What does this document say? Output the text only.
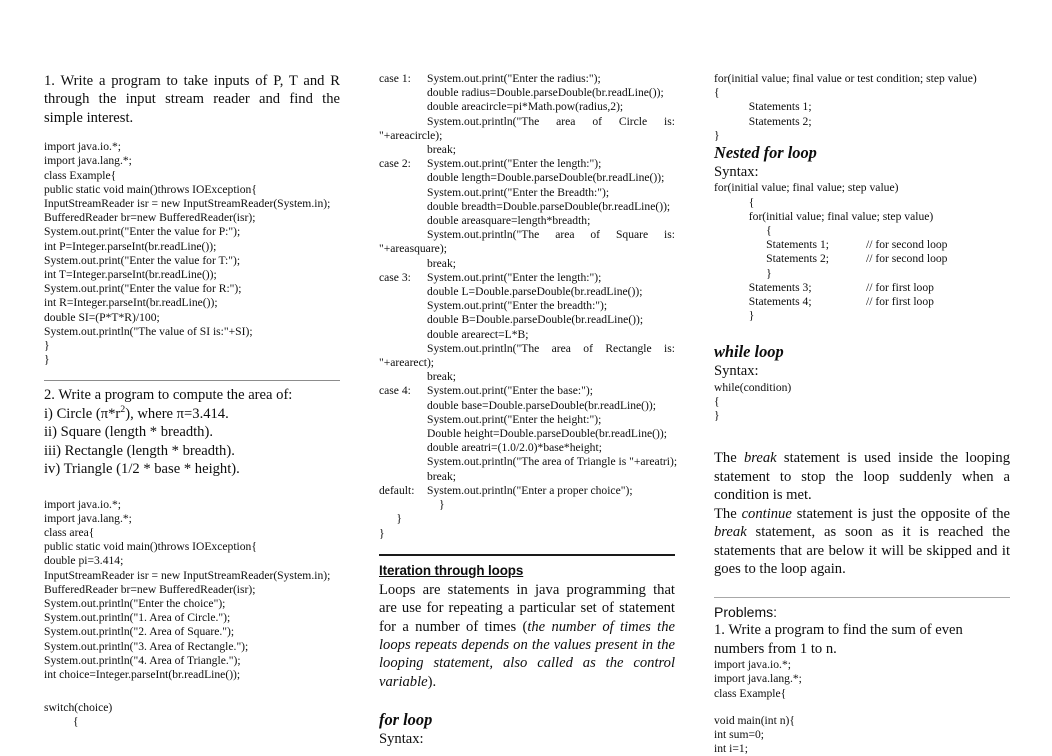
1. Write a program to take inputs of P, T and R through the input stream reader and find the simple interest.

import java.io.*;
import java.lang.*;
class Example{
public static void main()throws IOException{
InputStreamReader isr = new InputStreamReader(System.in);
BufferedReader br=new BufferedReader(isr);
System.out.print("Enter the value for P:");
int P=Integer.parseInt(br.readLine());
System.out.print("Enter the value for T:");
int T=Integer.parseInt(br.readLine());
System.out.print("Enter the value for R:");
int R=Integer.parseInt(br.readLine());
double SI=(P*T*R)/100;
System.out.println("The value of SI is:"+SI);
}
}

2. Write a program to compute the area of:

i) Circle $(\pi*r^2)$, where π=3.414.
ii) Square (length * breadth).
iii) Rectangle (length * breadth).
iv) Triangle (1/2 * base * height).
import java.io.*;
import java.lang.*;
class area{
public static void main()throws IOException{
double pi=3.414;
InputStreamReader isr = new InputStreamReader(System.in);
BufferedReader br=new BufferedReader(isr);
System.out.println("Enter the choice");
System.out.println("1. Area of Circle.");
System.out.println("2. Area of Square.");
System.out.println("3. Area of Rectangle.");
System.out.println("4. Area of Triangle.");
int choice=Integer.parseInt(br.readLine());
switch(choice)
{
case 1:	System.out.print("Enter the radius:");
double radius=Double.parseDouble(br.readLine());
double areacircle=pi*Math.pow(radius,2);
System.out.println("The area of Circle is:
"+areacircle);
break;
case 2:	System.out.print("Enter the length:");
double length=Double.parseDouble(br.readLine());
System.out.print("Enter the Breadth:");
double breadth=Double.parseDouble(br.readLine());
double areasquare=length*breadth;
System.out.println("The area of Square is:
"+areasquare);
break;
case 3:	System.out.print("Enter the length:");
double L=Double.parseDouble(br.readLine());
System.out.print("Enter the breadth:");
double B=Double.parseDouble(br.readLine());
double arearect=L*B;
System.out.println("The area of Rectangle is:
"+arearect);
break;
case 4:	System.out.print("Enter the base:");
double base=Double.parseDouble(br.readLine());
System.out.print("Enter the height:");
Double height=Double.parseDouble(br.readLine());
double areatri=(1.0/2.0)*base*height;
System.out.println("The area of Triangle is "+areatri);
break;
default:	System.out.println("Enter a proper choice");
}
}
}
Iteration through loops

Loops are statements in java programming that are use for repeating a particular set of statement for a number of times (the number of times the loops repeats depends on the values present in the looping statement, also called as the control variable).

for loop
Syntax:
for(initial value; final value or test condition; step value)
{
Statements 1;
Statements 2;
}
Nested for loop
Syntax:
for(initial value; final value; step value)
{
for(initial value; final value; step value)
{
Statements 1;	// for second loop
Statements 2;	// for second loop
}
Statements 3;	// for first loop
Statements 4;	// for first loop
}
while loop
Syntax:
while(condition)
{
}

The break statement is used inside the looping statement to stop the loop suddenly when a condition is met.

The continue statement is just the opposite of the break statement, as soon as it is reached the statements that are below it will be skipped and it goes to the loop again.

Problems:

1. Write a program to find the sum of even numbers from 1 to n.

import java.io.*;
import java.lang.*;
class Example{
void main(int n){
int sum=0;
int i=1;
